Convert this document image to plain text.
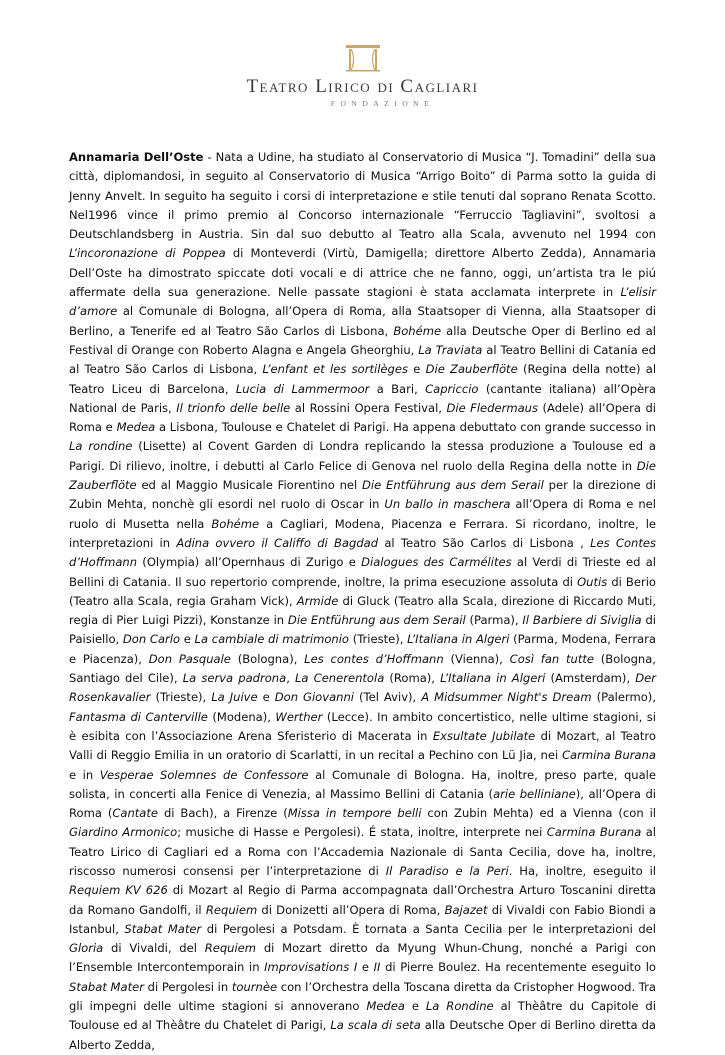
Teatro Lirico di Cagliari
FONDAZIONE
Annamaria Dell’Oste - Nata a Udine, ha studiato al Conservatorio di Musica “J. Tomadini” della sua città, diplomandosi, in seguito al Conservatorio di Musica “Arrigo Boito” di Parma sotto la guida di Jenny Anvelt. In seguito ha seguito i corsi di interpretazione e stile tenuti dal soprano Renata Scotto. Nel1996 vince il primo premio al Concorso internazionale “Ferruccio Tagliavini”, svoltosi a Deutschlandsberg in Austria. Sin dal suo debutto al Teatro alla Scala, avvenuto nel 1994 con L’incoronazione di Poppea di Monteverdi (Virtù, Damigella; direttore Alberto Zedda), Annamaria Dell’Oste ha dimostrato spiccate doti vocali e di attrice che ne fanno, oggi, un’artista tra le piú affermate della sua generazione. Nelle passate stagioni è stata acclamata interprete in L’elisir d’amore al Comunale di Bologna, all’Opera di Roma, alla Staatsoper di Vienna, alla Staatsoper di Berlino, a Tenerife ed al Teatro São Carlos di Lisbona, Bohéme alla Deutsche Oper di Berlino ed al Festival di Orange con Roberto Alagna e Angela Gheorghiu, La Traviata al Teatro Bellini di Catania ed al Teatro São Carlos di Lisbona, L’enfant et les sortilèges e Die Zauberflöte (Regina della notte) al Teatro Liceu di Barcelona, Lucia di Lammermoor a Bari, Capriccio (cantante italiana) all’Opèra National de Paris, Il trionfo delle belle al Rossini Opera Festival, Die Fledermaus (Adele) all’Opera di Roma e Medea a Lisbona, Toulouse e Chatelet di Parigi. Ha appena debuttato con grande successo in La rondine (Lisette) al Covent Garden di Londra replicando la stessa produzione a Toulouse ed a Parigi. Di rilievo, inoltre, i debutti al Carlo Felice di Genova nel ruolo della Regina della notte in Die Zauberflöte ed al Maggio Musicale Fiorentino nel Die Entführung aus dem Serail per la direzione di Zubin Mehta, nonchè gli esordi nel ruolo di Oscar in Un ballo in maschera all’Opera di Roma e nel ruolo di Musetta nella Bohéme a Cagliari, Modena, Piacenza e Ferrara. Si ricordano, inoltre, le interpretazioni in Adina ovvero il Califfo di Bagdad al Teatro São Carlos di Lisbona , Les Contes d’Hoffmann (Olympia) all’Opernhaus di Zurigo e Dialogues des Carmélites al Verdi di Trieste ed al Bellini di Catania. Il suo repertorio comprende, inoltre, la prima esecuzione assoluta di Outis di Berio (Teatro alla Scala, regia Graham Vick), Armide di Gluck (Teatro alla Scala, direzione di Riccardo Muti, regia di Pier Luigi Pizzi), Konstanze in Die Entführung aus dem Serail (Parma), Il Barbiere di Siviglia di Paisiello, Don Carlo e La cambiale di matrimonio (Trieste), L’Italiana in Algeri (Parma, Modena, Ferrara e Piacenza), Don Pasquale (Bologna), Les contes d’Hoffmann (Vienna), Così fan tutte (Bologna, Santiago del Cile), La serva padrona, La Cenerentola (Roma), L’Italiana in Algeri (Amsterdam), Der Rosenkavalier (Trieste), La Juive e Don Giovanni (Tel Aviv), A Midsummer Night's Dream (Palermo), Fantasma di Canterville (Modena), Werther (Lecce). In ambito concertistico, nelle ultime stagioni, si è esibita con l’Associazione Arena Sferisterio di Macerata in Exsultate Jubilate di Mozart, al Teatro Valli di Reggio Emilia in un oratorio di Scarlatti, in un recital a Pechino con Lü Jia, nei Carmina Burana e in Vesperae Solemnes de Confessore al Comunale di Bologna. Ha, inoltre, preso parte, quale solista, in concerti alla Fenice di Venezia, al Massimo Bellini di Catania (arie belliniane), all’Opera di Roma (Cantate di Bach), a Firenze (Missa in tempore belli con Zubin Mehta) ed a Vienna (con il Giardino Armonico; musiche di Hasse e Pergolesi). É stata, inoltre, interprete nei Carmina Burana al Teatro Lirico di Cagliari ed a Roma con l’Accademia Nazionale di Santa Cecilia, dove ha, inoltre, riscosso numerosi consensi per l’interpretazione di Il Paradiso e la Peri. Ha, inoltre, eseguito il Requiem KV 626 di Mozart al Regio di Parma accompagnata dall’Orchestra Arturo Toscanini diretta da Romano Gandolfi, il Requiem di Donizetti all’Opera di Roma, Bajazet di Vivaldi con Fabio Biondi a Istanbul, Stabat Mater di Pergolesi a Potsdam. È tornata a Santa Cecilia per le interpretazioni del Gloria di Vivaldi, del Requiem di Mozart diretto da Myung Whun-Chung, nonché a Parigi con l’Ensemble Intercontemporain in Improvisations I e II di Pierre Boulez. Ha recentemente eseguito lo Stabat Mater di Pergolesi in tournèe con l’Orchestra della Toscana diretta da Cristopher Hogwood. Tra gli impegni delle ultime stagioni si annoverano Medea e La Rondine al Thèâtre du Capitole di Toulouse ed al Thèâtre du Chatelet di Parigi, La scala di seta alla Deutsche Oper di Berlino diretta da Alberto Zedda,
